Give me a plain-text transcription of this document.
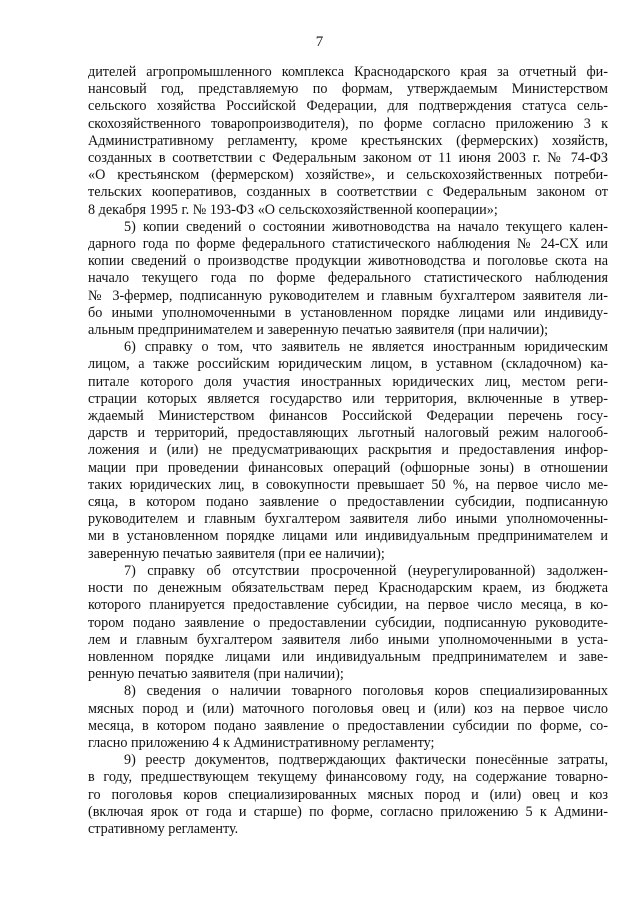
7
дителей агропромышленного комплекса Краснодарского края за отчетный фи-
нансовый год, представляемую по формам, утверждаемым Министерством
сельского хозяйства Российской Федерации, для подтверждения статуса сель-
скохозяйственного товаропроизводителя), по форме согласно приложению 3 к
Административному регламенту, кроме крестьянских (фермерских) хозяйств,
созданных в соответствии с Федеральным законом от 11 июня 2003 г. № 74-ФЗ
«О крестьянском (фермерском) хозяйстве», и сельскохозяйственных потреби-
тельских кооперативов, созданных в соответствии с Федеральным законом от
8 декабря 1995 г. № 193-ФЗ «О сельскохозяйственной кооперации»;
5) копии сведений о состоянии животноводства на начало текущего кален-
дарного года по форме федерального статистического наблюдения № 24-СХ или
копии сведений о производстве продукции животноводства и поголовье скота на
начало текущего года по форме федерального статистического наблюдения
№ 3-фермер, подписанную руководителем и главным бухгалтером заявителя ли-
бо иными уполномоченными в установленном порядке лицами или индивиду-
альным предпринимателем и заверенную печатью заявителя (при наличии);
6) справку о том, что заявитель не является иностранным юридическим
лицом, а также российским юридическим лицом, в уставном (складочном) ка-
питале которого доля участия иностранных юридических лиц, местом реги-
страции которых является государство или территория, включенные в утвер-
ждаемый Министерством финансов Российской Федерации перечень госу-
дарств и территорий, предоставляющих льготный налоговый режим налогооб-
ложения и (или) не предусматривающих раскрытия и предоставления инфор-
мации при проведении финансовых операций (офшорные зоны) в отношении
таких юридических лиц, в совокупности превышает 50 %, на первое число ме-
сяца, в котором подано заявление о предоставлении субсидии, подписанную
руководителем и главным бухгалтером заявителя либо иными уполномоченны-
ми в установленном порядке лицами или индивидуальным предпринимателем и
заверенную печатью заявителя (при ее наличии);
7) справку об отсутствии просроченной (неурегулированной) задолжен-
ности по денежным обязательствам перед Краснодарским краем, из бюджета
которого планируется предоставление субсидии, на первое число месяца, в ко-
тором подано заявление о предоставлении субсидии, подписанную руководите-
лем и главным бухгалтером заявителя либо иными уполномоченными в уста-
новленном порядке лицами или индивидуальным предпринимателем и заве-
ренную печатью заявителя (при наличии);
8) сведения о наличии товарного поголовья коров специализированных
мясных пород и (или) маточного поголовья овец и (или) коз на первое число
месяца, в котором подано заявление о предоставлении субсидии по форме, со-
гласно приложению 4 к Административному регламенту;
9) реестр документов, подтверждающих фактически понесённые затраты,
в году, предшествующем текущему финансовому году, на содержание товарно-
го поголовья коров специализированных мясных пород и (или) овец и коз
(включая ярок от года и старше) по форме, согласно приложению 5 к Админи-
стративному регламенту.
